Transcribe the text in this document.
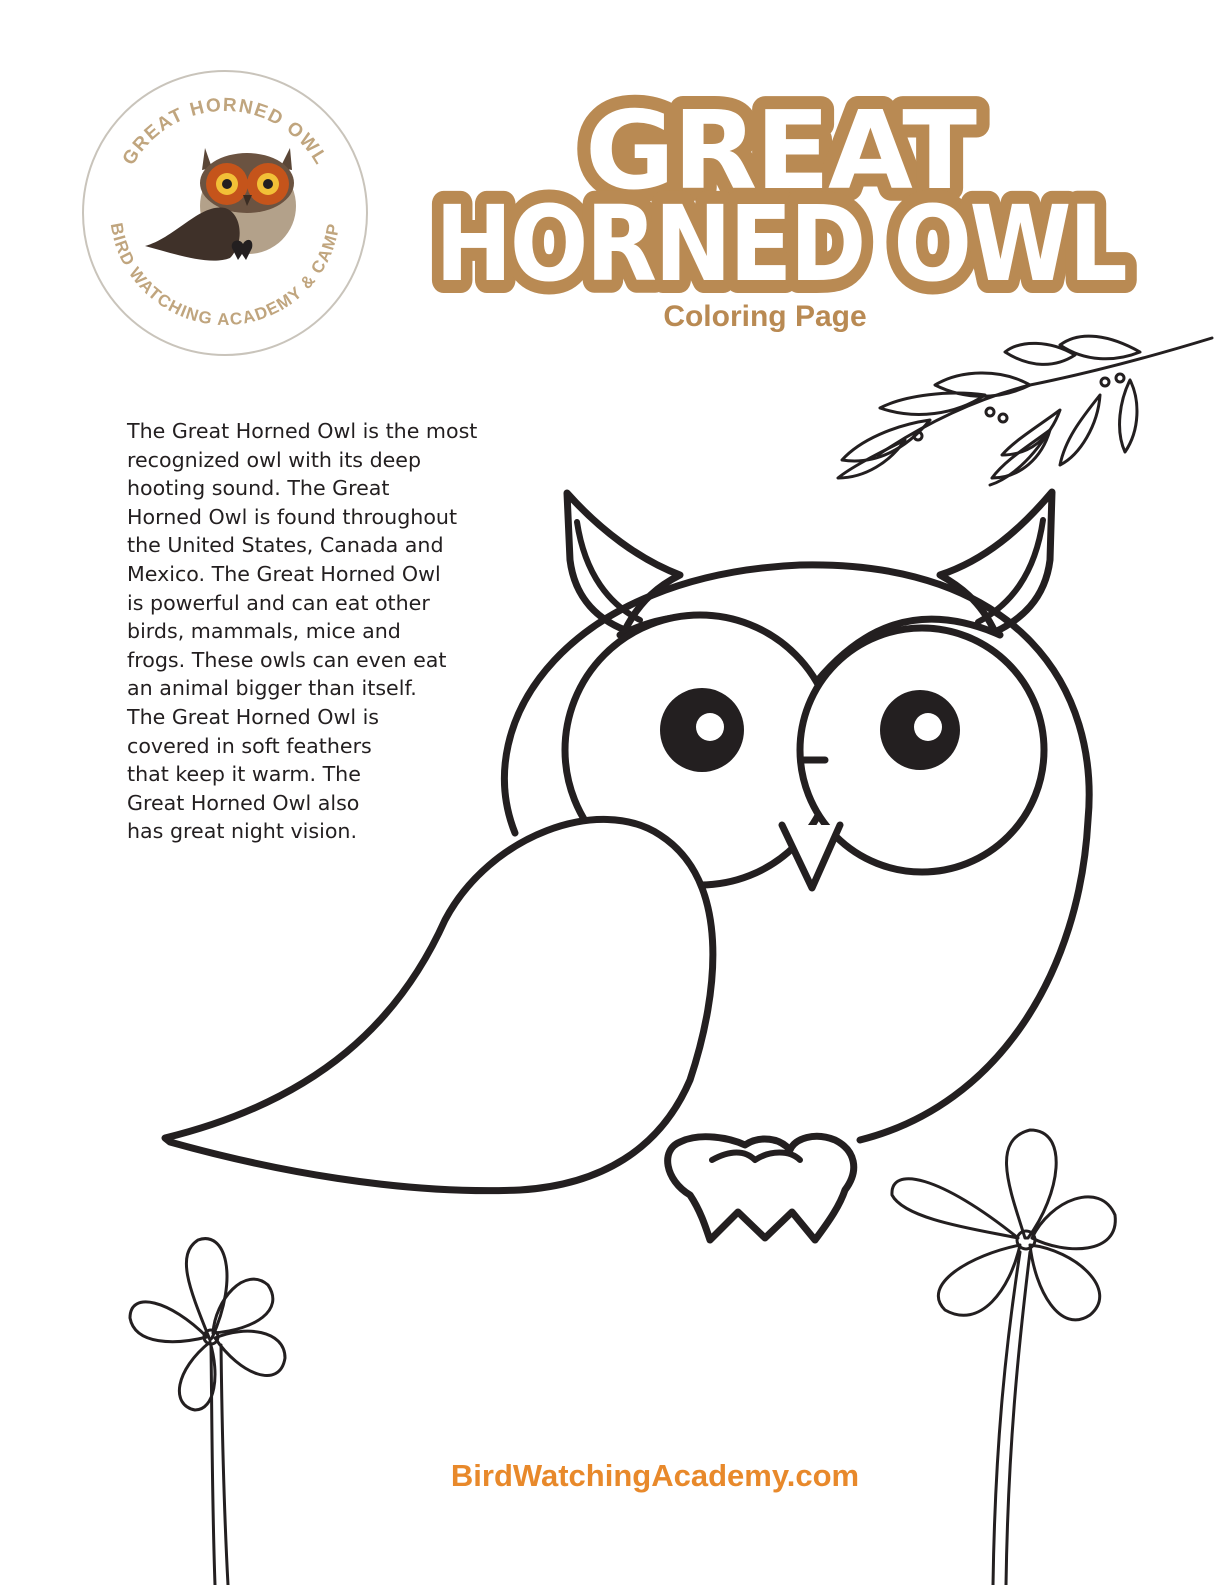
GREAT HORNED OWL
BIRD WATCHING ACADEMY & CAMP
GREAT
HORNED OWL
Coloring Page
The Great Horned Owl is the most
recognized owl with its deep
hooting sound. The Great
Horned Owl is found throughout
the United States, Canada and
Mexico. The Great Horned Owl
is powerful and can eat other
birds, mammals, mice and
frogs. These owls can even eat
an animal bigger than itself.
The Great Horned Owl is
covered in soft feathers
that keep it warm. The
Great Horned Owl also
has great night vision.
BirdWatchingAcademy.com
